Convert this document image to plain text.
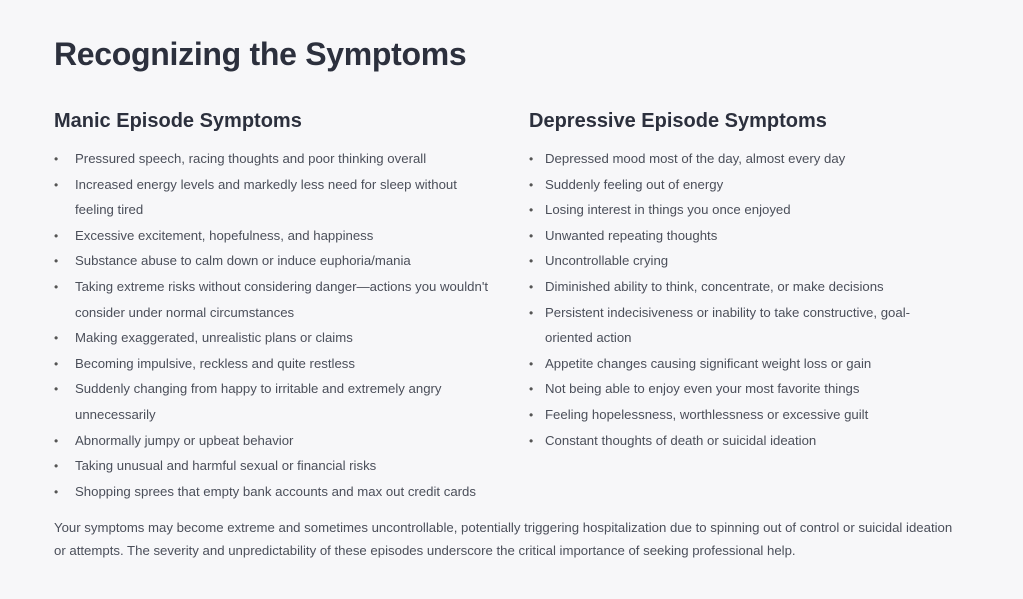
Recognizing the Symptoms
Manic Episode Symptoms
• Pressured speech, racing thoughts and poor thinking overall
• Increased energy levels and markedly less need for sleep without feeling tired
• Excessive excitement, hopefulness, and happiness
• Substance abuse to calm down or induce euphoria/mania
• Taking extreme risks without considering danger—actions you wouldn't consider under normal circumstances
• Making exaggerated, unrealistic plans or claims
• Becoming impulsive, reckless and quite restless
• Suddenly changing from happy to irritable and extremely angry unnecessarily
• Abnormally jumpy or upbeat behavior
• Taking unusual and harmful sexual or financial risks
• Shopping sprees that empty bank accounts and max out credit cards
Depressive Episode Symptoms
• Depressed mood most of the day, almost every day
• Suddenly feeling out of energy
• Losing interest in things you once enjoyed
• Unwanted repeating thoughts
• Uncontrollable crying
• Diminished ability to think, concentrate, or make decisions
• Persistent indecisiveness or inability to take constructive, goal-oriented action
• Appetite changes causing significant weight loss or gain
• Not being able to enjoy even your most favorite things
• Feeling hopelessness, worthlessness or excessive guilt
• Constant thoughts of death or suicidal ideation

Your symptoms may become extreme and sometimes uncontrollable, potentially triggering hospitalization due to spinning out of control or suicidal ideation or attempts. The severity and unpredictability of these episodes underscore the critical importance of seeking professional help.
